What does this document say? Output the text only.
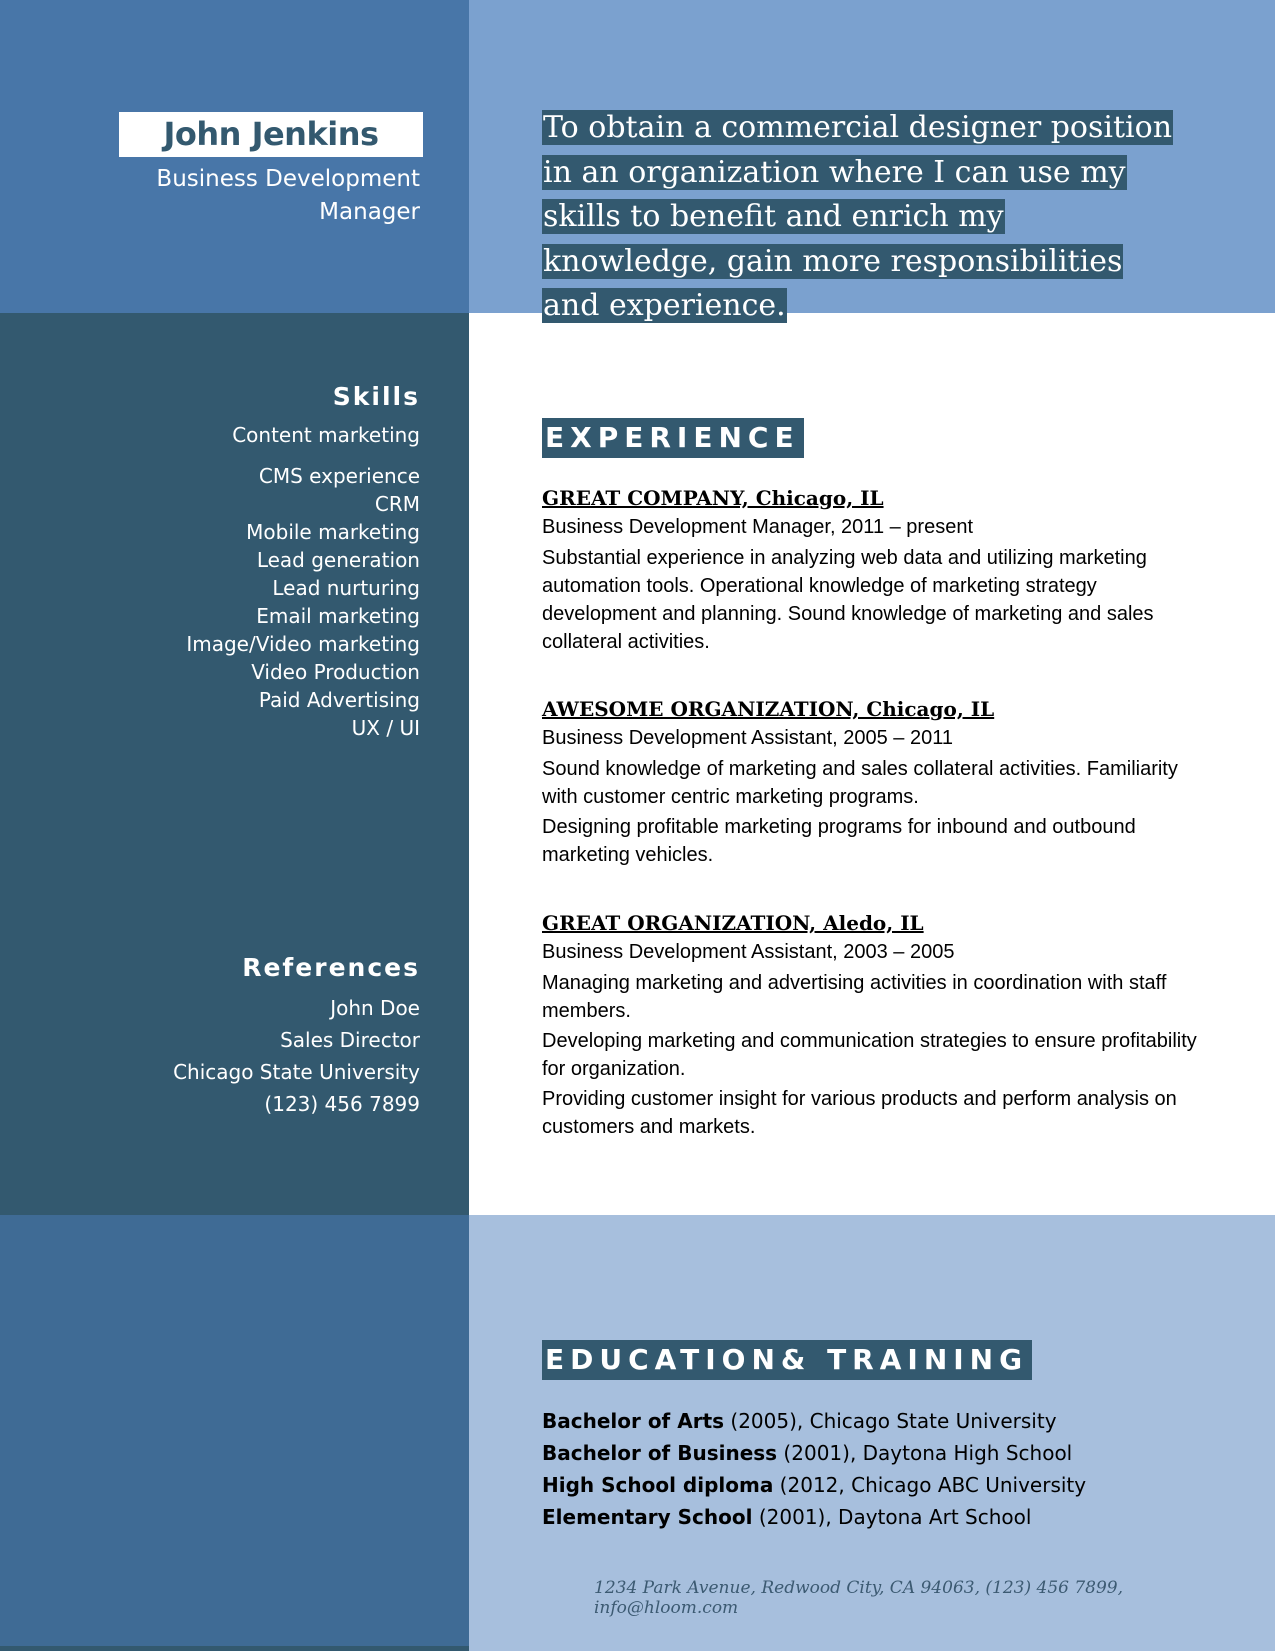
John Jenkins
Business Development Manager
To obtain a commercial designer position in an organization where I can use my skills to benefit and enrich my knowledge, gain more responsibilities and experience.
Skills
Content marketing
CMS experience
CRM
Mobile marketing
Lead generation
Lead nurturing
Email marketing
Image/Video marketing
Video Production
Paid Advertising
UX / UI
References
John Doe
Sales Director
Chicago State University
(123) 456 7899
EXPERIENCE
GREAT COMPANY, Chicago, IL
Business Development Manager, 2011 – present
Substantial experience in analyzing web data and utilizing marketing automation tools. Operational knowledge of marketing strategy development and planning. Sound knowledge of marketing and sales collateral activities.
AWESOME ORGANIZATION, Chicago, IL
Business Development Assistant, 2005 – 2011
Sound knowledge of marketing and sales collateral activities. Familiarity with customer centric marketing programs.
Designing profitable marketing programs for inbound and outbound marketing vehicles.
GREAT ORGANIZATION, Aledo, IL
Business Development Assistant, 2003 – 2005
Managing marketing and advertising activities in coordination with staff members.
Developing marketing and communication strategies to ensure profitability for organization.
Providing customer insight for various products and perform analysis on customers and markets.
EDUCATION& TRAINING
Bachelor of Arts (2005), Chicago State University
Bachelor of Business (2001), Daytona High School
High School diploma (2012, Chicago ABC University
Elementary School (2001), Daytona Art School
1234 Park Avenue, Redwood City, CA 94063, (123) 456 7899, info@hloom.com
